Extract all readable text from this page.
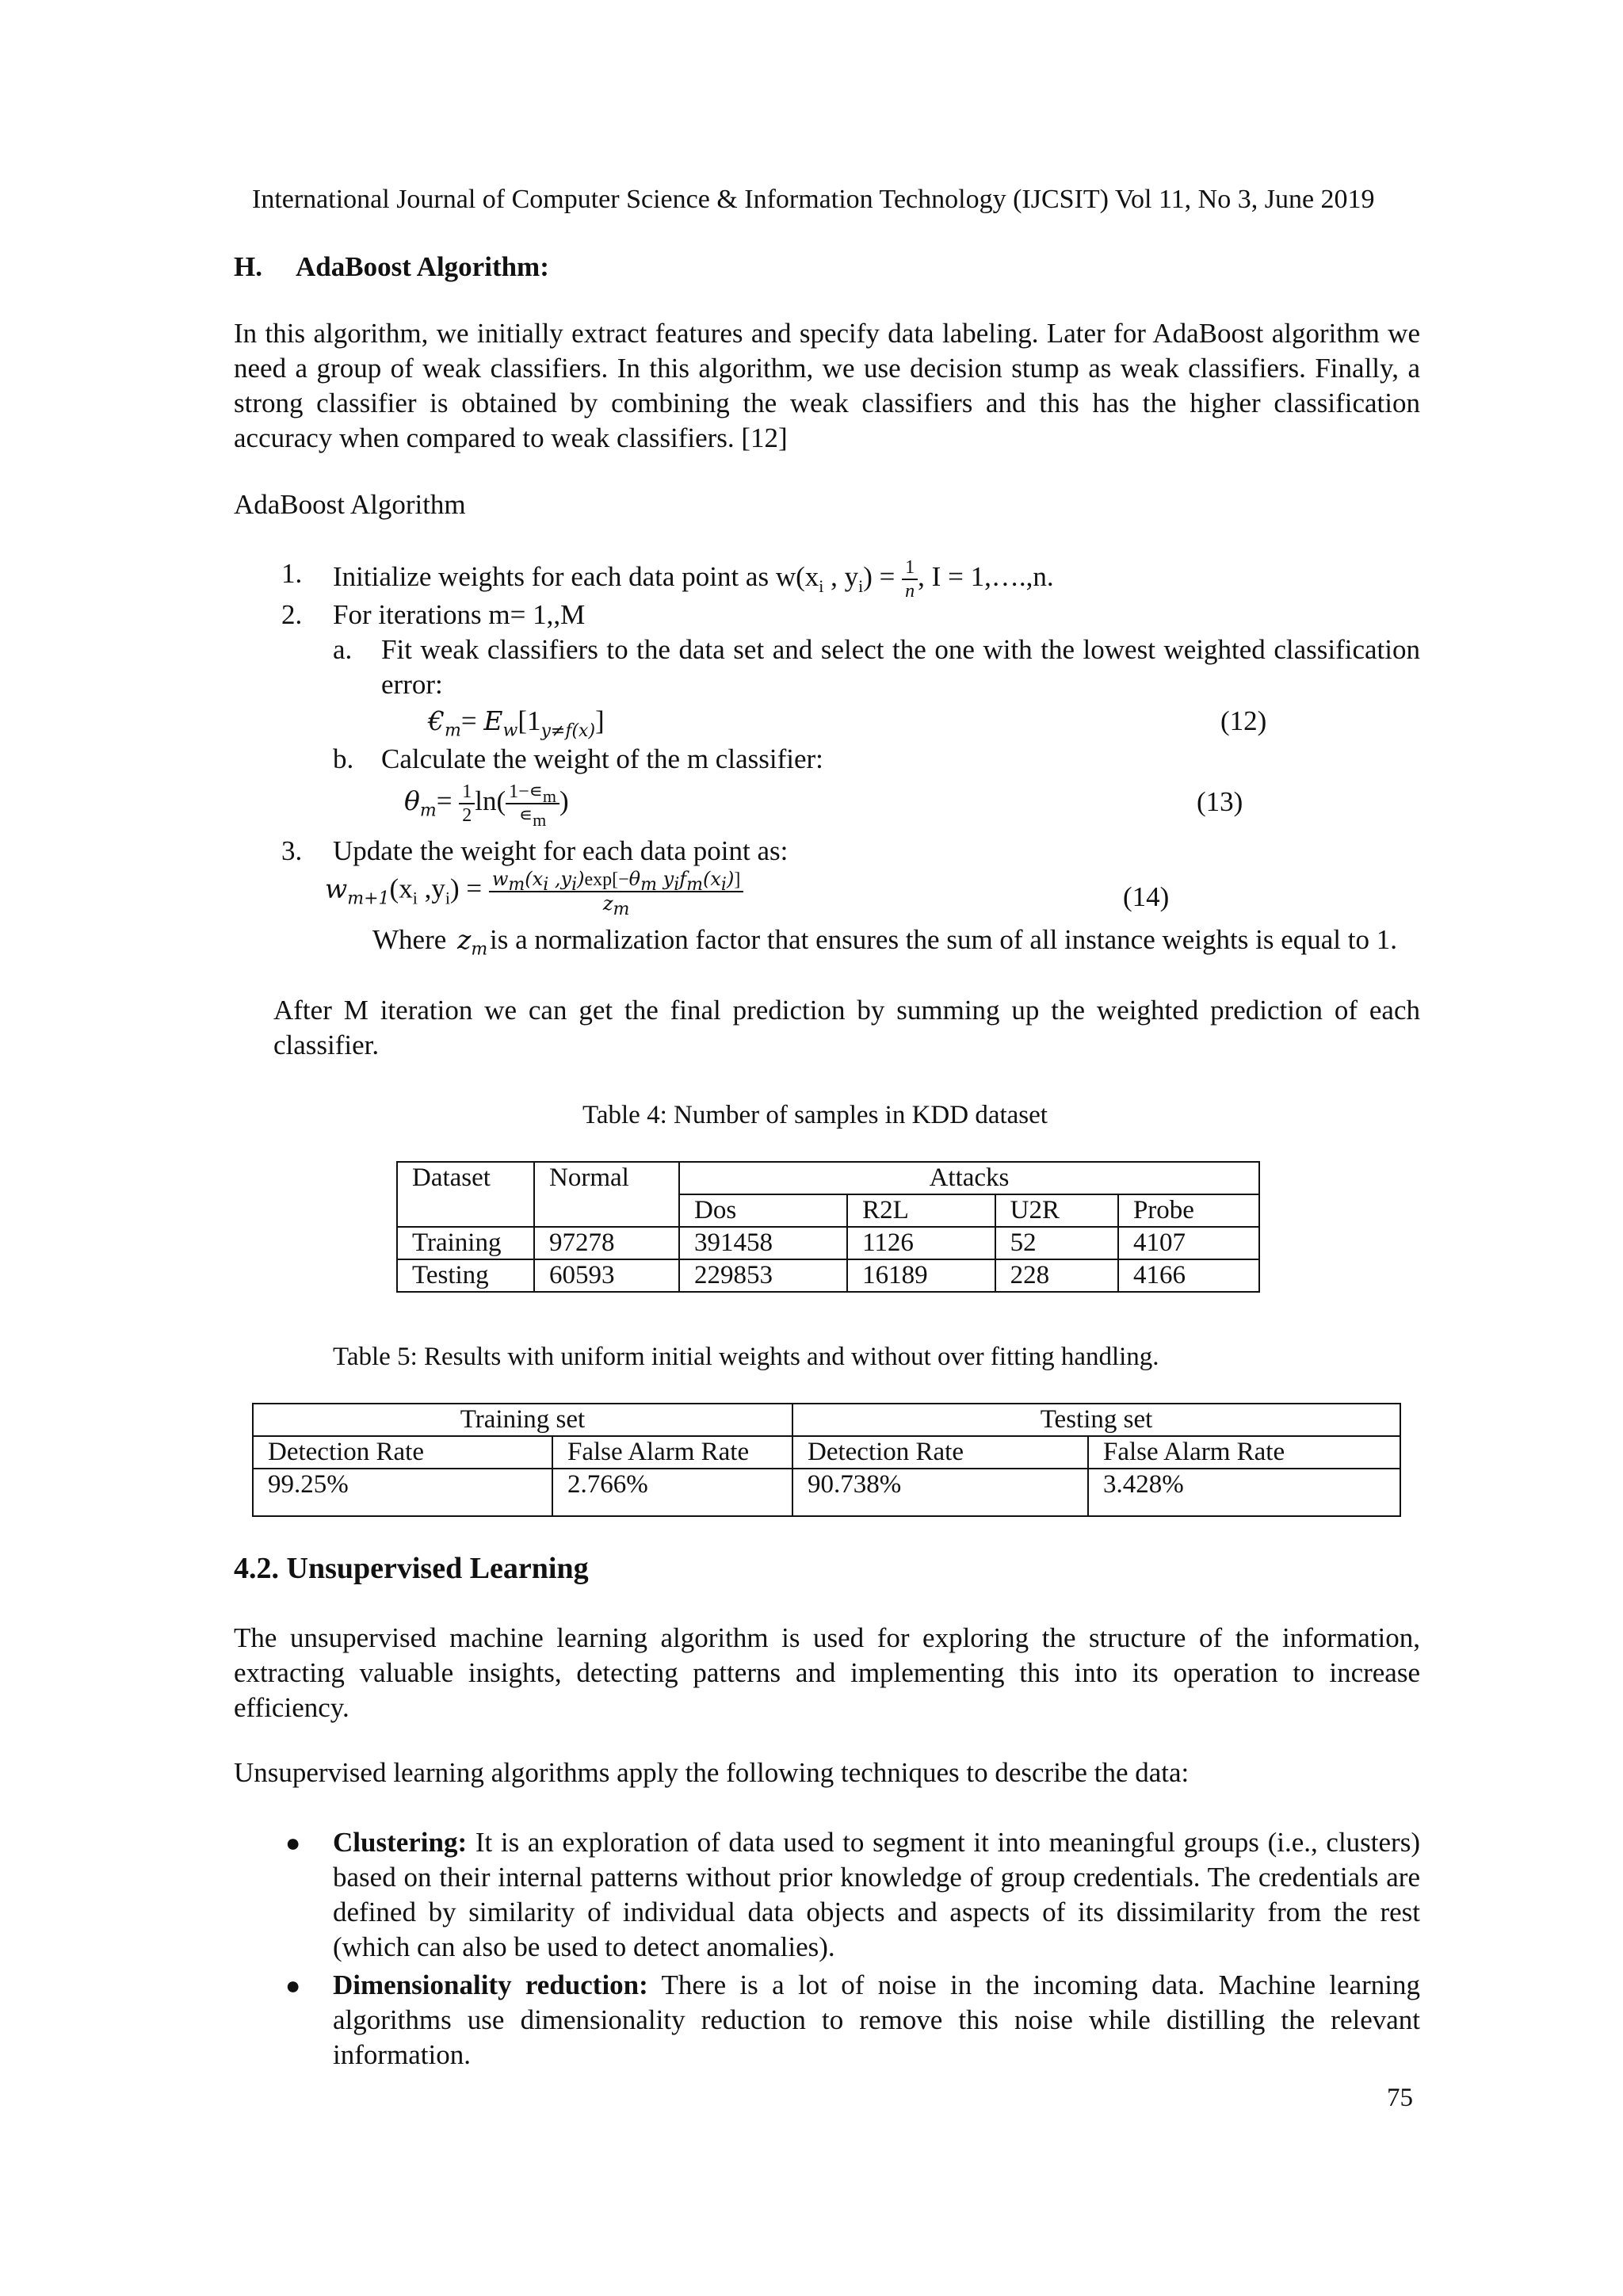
International Journal of Computer Science & Information Technology (IJCSIT) Vol 11, No 3, June 2019
H. AdaBoost Algorithm:
In this algorithm, we initially extract features and specify data labeling. Later for AdaBoost algorithm we need a group of weak classifiers. In this algorithm, we use decision stump as weak classifiers. Finally, a strong classifier is obtained by combining the weak classifiers and this has the higher classification accuracy when compared to weak classifiers. [12]
AdaBoost Algorithm
1. Initialize weights for each data point as $w(x_i$ , $y_i) = \frac{1}{n}$ , I = 1,….,n.
2. For iterations m= 1,,M
a. Fit weak classifiers to the data set and select the one with the lowest weighted classification error:
$€_m= E_w[1_{y\ne f(x)}]$	(12)
b. Calculate the weight of the m classifier:
$\theta_m= \frac{1}{2} \ln( \frac{1-∊_m}{∊_m}$ )	(13)
3. Update the weight for each data point as:
$w_{m+1}(x_i$ $,y_i) = \frac{w_m(x_i ,y_i)\exp[-\theta_m y_if_m(x_i)]}{z_m}$	(14)
Where
	is a normalization factor that ensures the sum of all instance weights is equal to 1.
$z_m$
After M iteration we can get the final prediction by summing up the weighted prediction of each classifier.
Table 4: Number of samples in KDD dataset
Dataset	Normal	Attacks			
		Dos	R2L	U2R	Probe
Training	97278	391458	1126	52	4107
Testing	60593	229853	16189	228	4166
Table 5: Results with uniform initial weights and without over fitting handling.
Training set		Testing set	
Detection Rate	False Alarm Rate	Detection Rate	False Alarm Rate
99.25%	2.766%	90.738%	3.428%
4.2. Unsupervised Learning
The unsupervised machine learning algorithm is used for exploring the structure of the information, extracting valuable insights, detecting patterns and implementing this into its operation to increase efficiency.
Unsupervised learning algorithms apply the following techniques to describe the data:
● Clustering: It is an exploration of data used to segment it into meaningful groups (i.e., clusters) based on their internal patterns without prior knowledge of group credentials. The credentials are defined by similarity of individual data objects and aspects of its dissimilarity from the rest (which can also be used to detect anomalies).
● Dimensionality reduction: There is a lot of noise in the incoming data. Machine learning algorithms use dimensionality reduction to remove this noise while distilling the relevant information.
75
